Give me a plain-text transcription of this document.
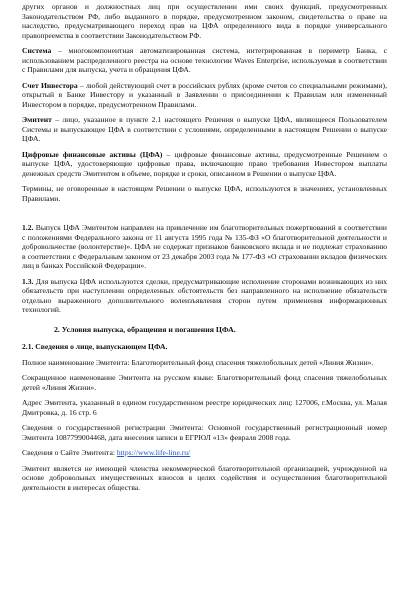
других органов и должностных лиц при осуществлении ими своих функций, предусмотренных Законодательством РФ, либо выданного в порядке, предусмотренном законом, свидетельства о праве на наследство, предусматривающего переход прав на ЦФА определенного вида в порядке универсального правопреемства в соответствии Законодательством РФ.

Система – многокомпонентная автоматизированная система, интегрированная в периметр Банка, с использованием распределенного реестра на основе технологии Waves Enterprise, используемая в соответствии с Правилами для выпуска, учета и обращения ЦФА.

Счет Инвестора – любой действующий счет в российских рублях (кроме счетов со специальными режимами), открытый в Банке Инвестору и указанный в Заявлении о присоединении к Правилам или измененный Инвестором в порядке, предусмотренном Правилами.

Эмитент – лицо, указанное в пункте 2.1 настоящего Решения о выпуске ЦФА, являющееся Пользователем Системы и выпускающее ЦФА в соответствии с условиями, определенными в настоящем Решении о выпуске ЦФА.

Цифровые финансовые активы (ЦФА) – цифровые финансовые активы, предусмотренные Решением о выпуске ЦФА, удостоверяющие цифровые права, включающие право требования Инвестором выплаты денежных средств Эмитентом в объеме, порядке и сроки, описанном в Решении о выпуске ЦФА.

Термины, не оговоренные в настоящем Решении о выпуске ЦФА, используются в значениях, установленных Правилами.

1.2. Выпуск ЦФА Эмитентом направлен на привлечение им благотворительных пожертвований в соответствии с положениями Федерального закона от 11 августа 1995 года № 135-ФЗ «О благотворительной деятельности и добровольчестве (волонтерстве)». ЦФА не содержат признаков банковского вклада и не подлежат страхованию в соответствии с Федеральным законом от 23 декабря 2003 года № 177-ФЗ «О страховании вкладов физических лиц в банках Российской Федерации».

1.3. Для выпуска ЦФА используются сделки, предусматривающие исполнение сторонами возникающих из них обязательств при наступлении определенных обстоятельств без направленного на исполнение обязательств отдельно выраженного дополнительного волеизъявления сторон путем применения информационных технологий.

2. Условия выпуска, обращения и погашения ЦФА.

2.1. Сведения о лице, выпускающем ЦФА.

Полное наименование Эмитента: Благотворительный фонд спасения тяжелобольных детей «Линия Жизни».

Сокращенное наименование Эмитента на русском языке: Благотворительный фонд спасения тяжелобольных детей «Линия Жизни».

Адрес Эмитента, указанный в едином государственном реестре юридических лиц: 127006, г.Москва, ул. Малая Дмитровка, д. 16 стр. 6

Сведения о государственной регистрации Эмитента: Основной государственный регистрационный номер Эмитента 1087799004468, дата внесения записи в ЕГРЮЛ «13» февраля 2008 года.

Сведения о Сайте Эмитента: https://www.life-line.ru/

Эмитент является не имеющей членства некоммерческой благотворительной организацией, учрежденной на основе добровольных имущественных взносов в целях содействия и осуществления благотворительной деятельности в интересах общества.
